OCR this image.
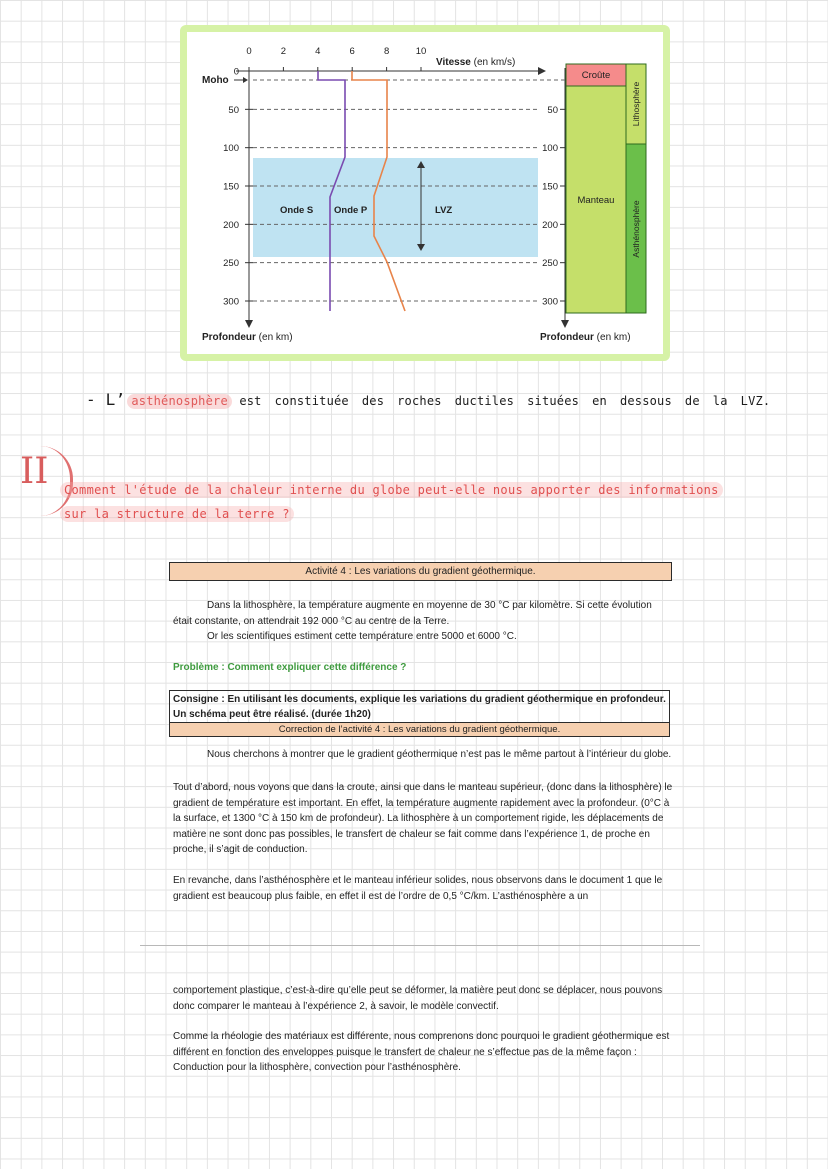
0	2	4	6	8	10
0
50
100
150
200
250
300
50
100
150
200
250
300
Moho
Onde S Onde P	LVZ
Vitesse (en km/s)
Profondeur (en km)	Profondeur (en km)
Croûte
Manteau
Lithosphère
Asthénosphère
- L’ asthénosphère est constituée des roches ductiles situées en dessous de la LVZ.
II	Comment l'étude de la chaleur interne du globe peut-elle nous apporter des informations
sur la structure de la terre ?
Activité 4 : Les variations du gradient géothermique.
Dans la lithosphère, la température augmente en moyenne de 30 °C par kilomètre. Si cette évolution était constante, on attendrait 192 000 °C au centre de la Terre.
Or les scientifiques estiment cette température entre 5000 et 6000 °C.
Problème : Comment expliquer cette différence ?
Consigne : En utilisant les documents, explique les variations du gradient géothermique en profondeur. Un schéma peut être réalisé. (durée 1h20)
Correction de l’activité 4 : Les variations du gradient géothermique.
Nous cherchons à montrer que le gradient géothermique n’est pas le même partout à l’intérieur du globe.
Tout d’abord, nous voyons que dans la croute, ainsi que dans le manteau supérieur, (donc dans la lithosphère) le gradient de température est important. En effet, la température augmente rapidement avec la profondeur. (0°C à la surface, et 1300 °C à 150 km de profondeur). La lithosphère à un comportement rigide, les déplacements de matière ne sont donc pas possibles, le transfert de chaleur se fait comme dans l’expérience 1, de proche en proche, il s’agit de conduction.
En revanche, dans l’asthénosphère et le manteau inférieur solides, nous observons dans le document 1 que le gradient est beaucoup plus faible, en effet il est de l’ordre de 0,5 °C/km. L’asthénosphère a un
comportement plastique, c’est-à-dire qu’elle peut se déformer, la matière peut donc se déplacer, nous pouvons donc comparer le manteau à l’expérience 2, à savoir, le modèle convectif.
Comme la rhéologie des matériaux est différente, nous comprenons donc pourquoi le gradient géothermique est différent en fonction des enveloppes puisque le transfert de chaleur ne s’effectue pas de la même façon : Conduction pour la lithosphère, convection pour l’asthénosphère.
